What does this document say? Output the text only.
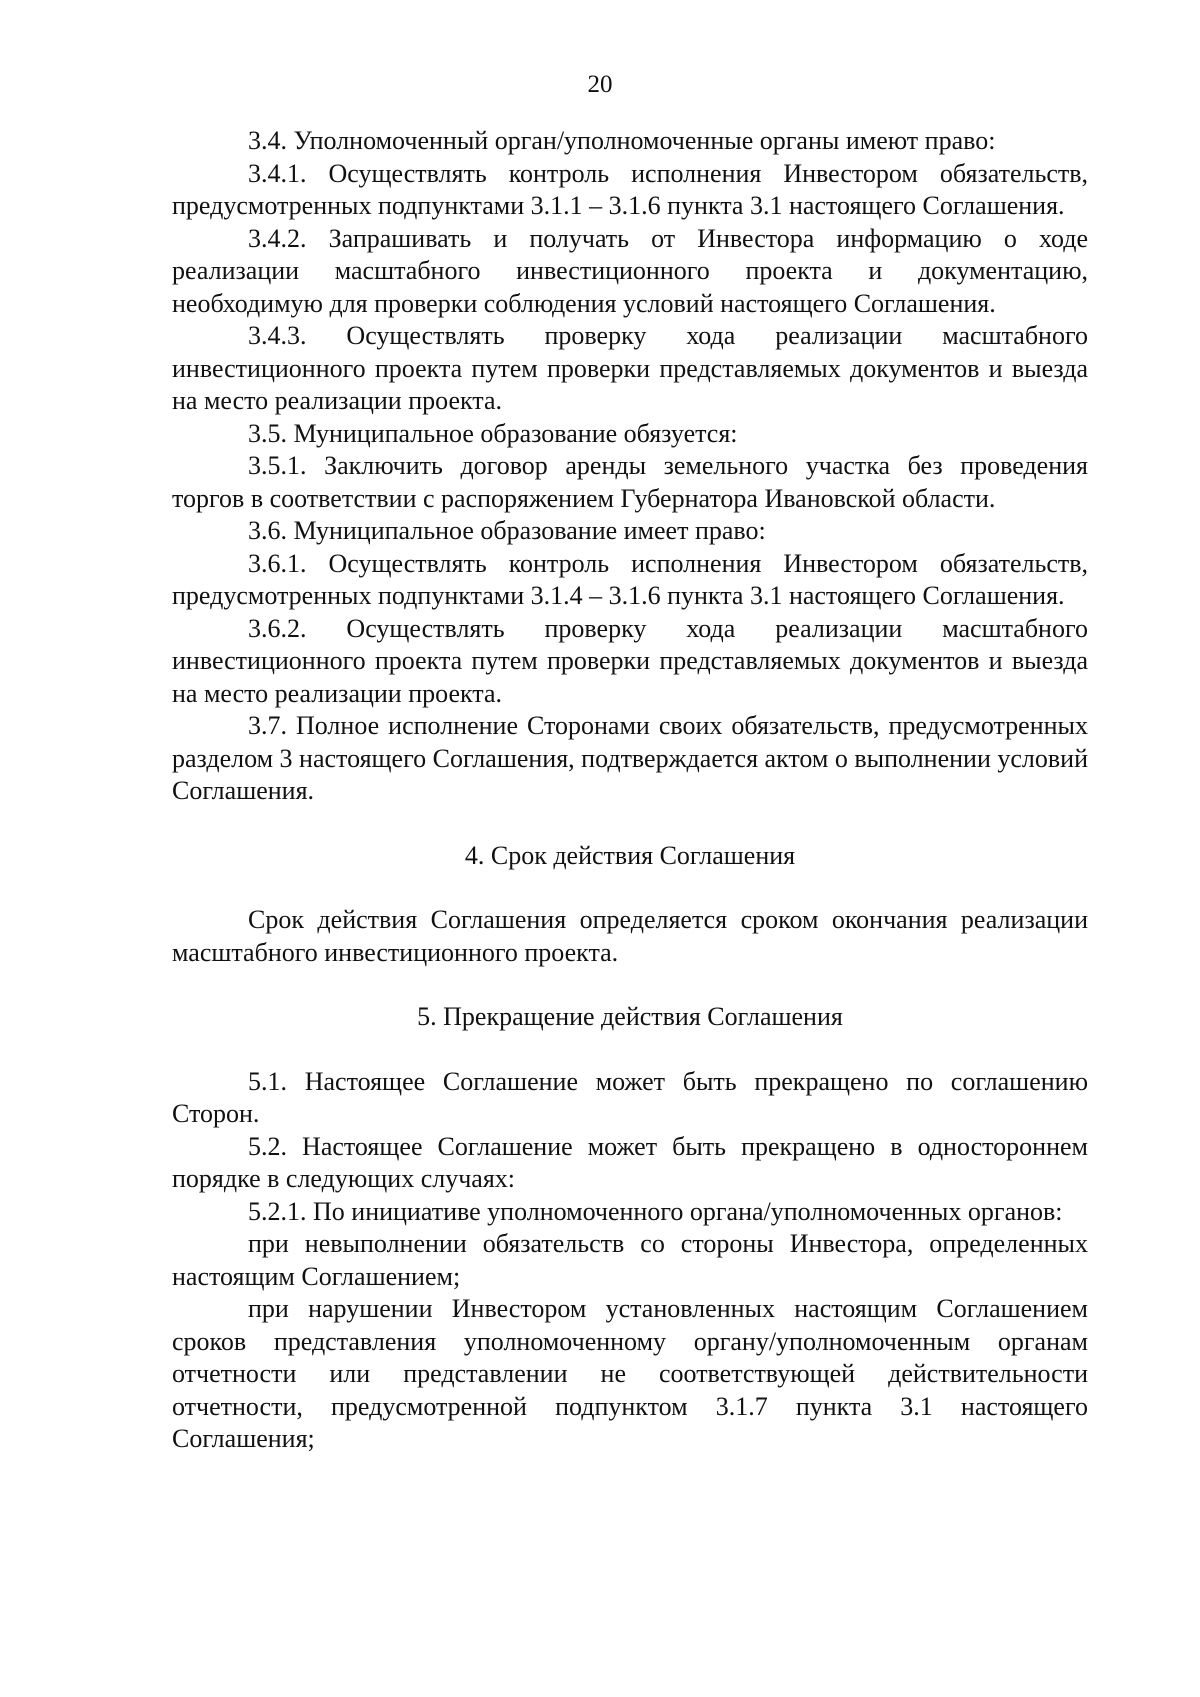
20

3.4. Уполномоченный орган/уполномоченные органы имеют право:

3.4.1. Осуществлять контроль исполнения Инвестором обязательств, предусмотренных подпунктами 3.1.1 – 3.1.6 пункта 3.1 настоящего Соглашения.

3.4.2. Запрашивать и получать от Инвестора информацию о ходе реализации масштабного инвестиционного проекта и документацию, необходимую для проверки соблюдения условий настоящего Соглашения.

3.4.3. Осуществлять проверку хода реализации масштабного инвестиционного проекта путем проверки представляемых документов и выезда на место реализации проекта.

3.5. Муниципальное образование обязуется:

3.5.1. Заключить договор аренды земельного участка без проведения торгов в соответствии с распоряжением Губернатора Ивановской области.

3.6. Муниципальное образование имеет право:

3.6.1. Осуществлять контроль исполнения Инвестором обязательств, предусмотренных подпунктами 3.1.4 – 3.1.6 пункта 3.1 настоящего Соглашения.

3.6.2. Осуществлять проверку хода реализации масштабного инвестиционного проекта путем проверки представляемых документов и выезда на место реализации проекта.

3.7. Полное исполнение Сторонами своих обязательств, предусмотренных разделом 3 настоящего Соглашения, подтверждается актом о выполнении условий Соглашения.

4. Срок действия Соглашения

Срок действия Соглашения определяется сроком окончания реализации масштабного инвестиционного проекта.

5. Прекращение действия Соглашения

5.1. Настоящее Соглашение может быть прекращено по соглашению Сторон.

5.2. Настоящее Соглашение может быть прекращено в одностороннем порядке в следующих случаях:

5.2.1. По инициативе уполномоченного органа/уполномоченных органов:

при невыполнении обязательств со стороны Инвестора, определенных настоящим Соглашением;

при нарушении Инвестором установленных настоящим Соглашением сроков представления уполномоченному органу/уполномоченным органам отчетности или представлении не соответствующей действительности отчетности, предусмотренной подпунктом 3.1.7 пункта 3.1 настоящего Соглашения;
